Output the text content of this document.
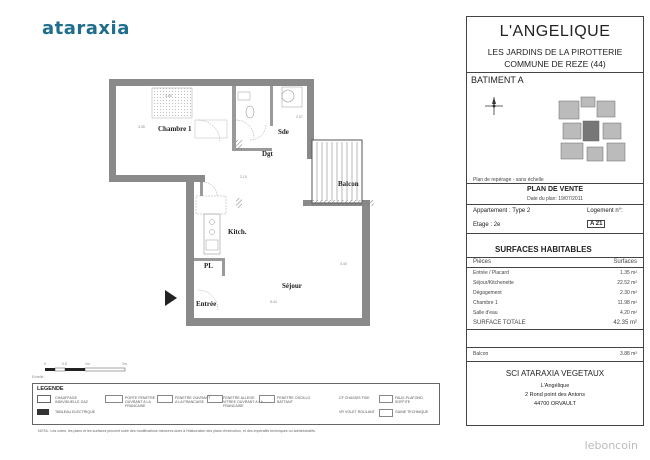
ataraxia
Chambre 1	Sde
Dgt
Balcon
Kitch.
PL
Séjour
Entrée
3.60
3.35
3.40
5.44
2.07
2.10
0	0.5	1m	2m
Echelle :
L'ANGELIQUE
LES JARDINS DE LA PIROTTERIE
COMMUNE DE REZE (44)
BATIMENT A
Plan de repérage - sans échelle
PLAN DE VENTE
Date du plan: 19/07/2011
Appartement : Type 2	Logement n°:
Etage : 2e	A 21
SURFACES HABITABLES
Pièces	Surfaces
Entrée / Placard	1.35 m²
Séjour/Kitchenette	22.52 m²
Dégagement	2.30 m²
Chambre 1	11.98 m²
Salle d'eau	4.20 m²
SURFACE TOTALE	42.35 m²
Balcon	3.88 m²
SCI ATARAXIA VEGETAUX
L'Angélique
2 Rond point des Antons
44700 ORVAULT
LEGENDE
CHAUFFAGE INDIVIDUELLE GAZ
PORTE FENETRE OUVRANT A LA FRANCAISE
FENETRE OUVRANT A LA FRANCAISE
FENETRE ALLEGE VITREE OUVRANT A LA FRANCAISE
FENETRE OSCILLO BATTANT
CF CHASSIS FIXE	FAUX-PLAFOND, SOFFITE
TABLEAU ELECTRIQUE	VR VOLET ROULANT	GAINE TECHNIQUE
NOTA : Les cotes, les plans et les surfaces peuvent subir des modifications mineures dues à l'élaboration des plans d'exécution, et des impératifs techniques ou administratifs.
leboncoin
